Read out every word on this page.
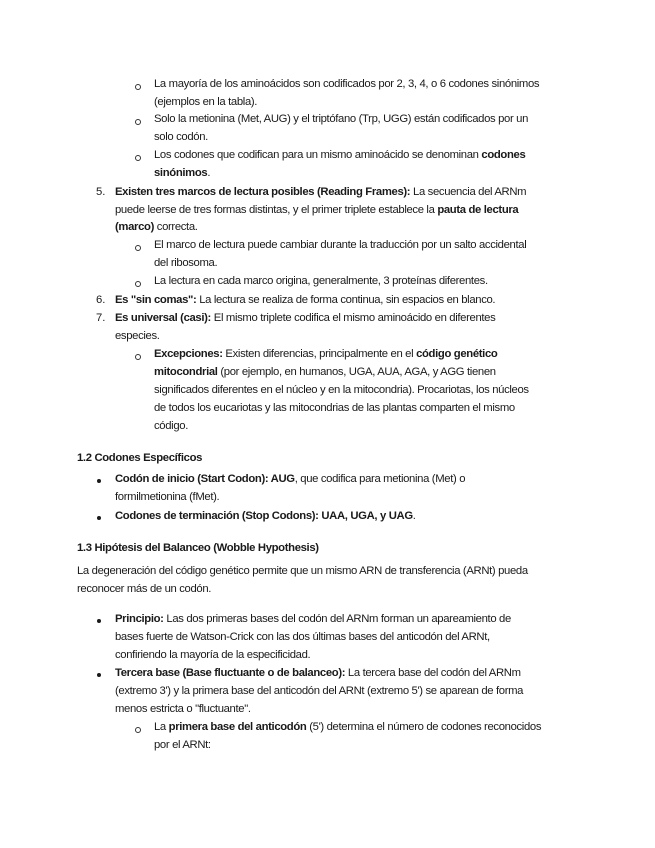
La mayoría de los aminoácidos son codificados por 2, 3, 4, o 6 codones sinónimos
(ejemplos en la tabla).
Solo la metionina (Met, AUG) y el triptófano (Trp, UGG) están codificados por un
solo codón.
Los codones que codifican para un mismo aminoácido se denominan codones
sinónimos.
5. Existen tres marcos de lectura posibles (Reading Frames): La secuencia del ARNm
puede leerse de tres formas distintas, y el primer triplete establece la pauta de lectura
(marco) correcta.
El marco de lectura puede cambiar durante la traducción por un salto accidental
del ribosoma.
La lectura en cada marco origina, generalmente, 3 proteínas diferentes.
6. Es "sin comas": La lectura se realiza de forma continua, sin espacios en blanco.
7. Es universal (casi): El mismo triplete codifica el mismo aminoácido en diferentes
especies.
Excepciones: Existen diferencias, principalmente en el código genético
mitocondrial (por ejemplo, en humanos, UGA, AUA, AGA, y AGG tienen
significados diferentes en el núcleo y en la mitocondria). Procariotas, los núcleos
de todos los eucariotas y las mitocondrias de las plantas comparten el mismo
código.
1.2 Codones Específicos
Codón de inicio (Start Codon): AUG, que codifica para metionina (Met) o
formilmetionina (fMet).
Codones de terminación (Stop Codons): UAA, UGA, y UAG.
1.3 Hipótesis del Balanceo (Wobble Hypothesis)
La degeneración del código genético permite que un mismo ARN de transferencia (ARNt) pueda
reconocer más de un codón.
Principio: Las dos primeras bases del codón del ARNm forman un apareamiento de
bases fuerte de Watson-Crick con las dos últimas bases del anticodón del ARNt,
confiriendo la mayoría de la especificidad.
Tercera base (Base fluctuante o de balanceo): La tercera base del codón del ARNm
(extremo 3') y la primera base del anticodón del ARNt (extremo 5') se aparean de forma
menos estricta o "fluctuante".
La primera base del anticodón (5') determina el número de codones reconocidos
por el ARNt:
